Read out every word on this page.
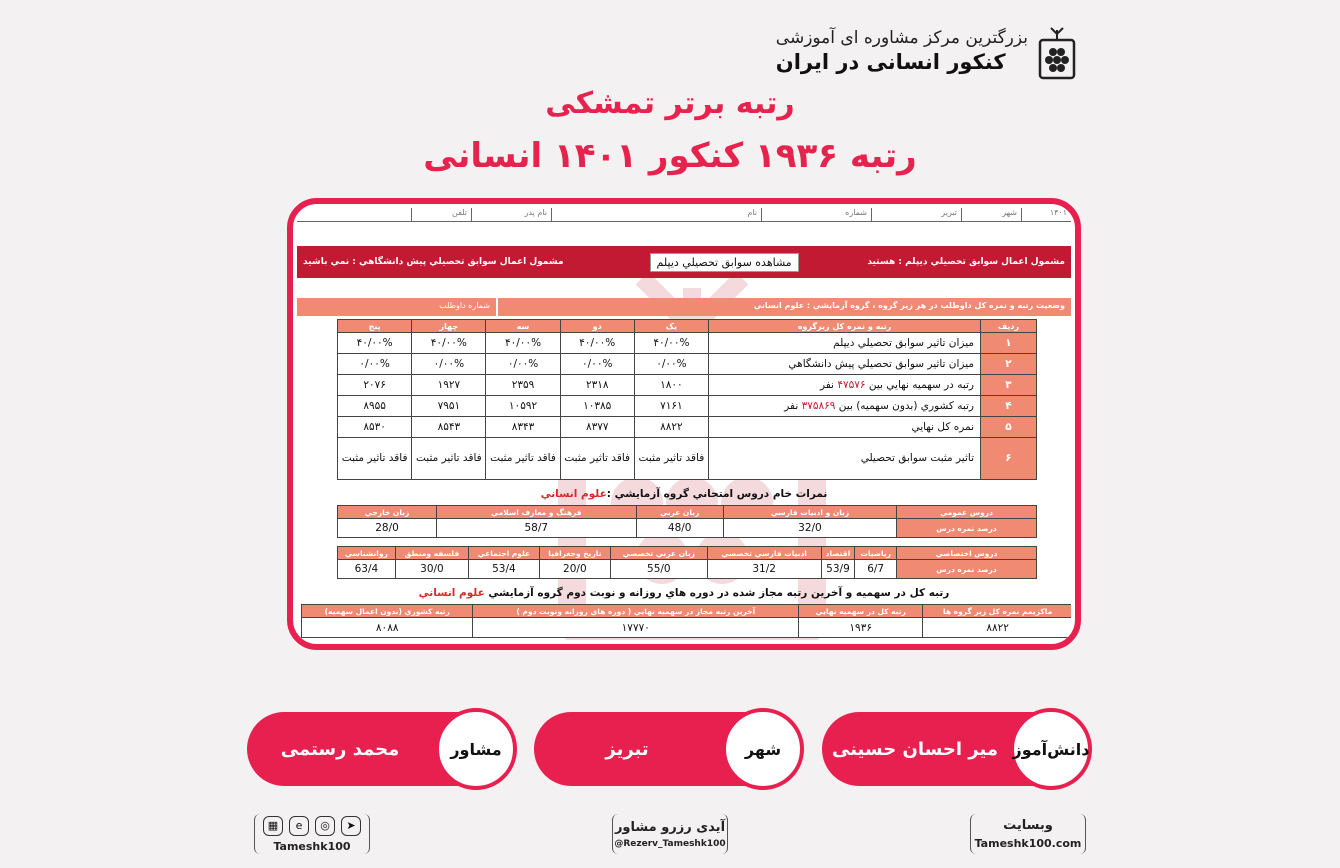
بزرگترین مرکز مشاوره ای آموزشی
کنکور انسانی در ایران
رتبه برتر تمشکی
رتبه ۱۹۳۶ کنکور ۱۴۰۱ انسانی
۱۴۰۱
شهر
تبریز
شماره
نام
نام پدر
تلفن
مشمول اعمال سوابق تحصيلي ديپلم : هستيد
مشاهده سوابق تحصيلي ديپلم
مشمول اعمال سوابق تحصيلي پيش دانشگاهي : نمي باشيد
وضعيت رتبه و نمره كل داوطلب در هر زير گروه ، گروه آزمايشي : علوم انساني
شماره داوطلب
رديف	رتبه و نمره كل زيرگروه	يک	دو	سه	چهار	پنج
۱	ميزان تاثير سوابق تحصيلي ديپلم	۴۰/۰۰%	۴۰/۰۰%	۴۰/۰۰%	۴۰/۰۰%	۴۰/۰۰%
۲	ميزان تاثير سوابق تحصيلي پيش دانشگاهي	۰/۰۰%	۰/۰۰%	۰/۰۰%	۰/۰۰%	۰/۰۰%
۳	رتبه در سهميه نهايي بين ۴۷۵۷۶ نفر	۱۸۰۰	۲۳۱۸	۲۳۵۹	۱۹۲۷	۲۰۷۶
۴	رتبه كشوري (بدون سهميه) بين ۳۷۵۸۶۹ نفر	۷۱۶۱	۱۰۳۸۵	۱۰۵۹۲	۷۹۵۱	۸۹۵۵
۵	نمره كل نهايي	۸۸۲۲	۸۳۷۷	۸۳۴۳	۸۵۴۳	۸۵۳۰
۶	تاثير مثبت سوابق تحصيلي	فاقد تاثير مثبت	فاقد تاثير مثبت	فاقد تاثير مثبت	فاقد تاثير مثبت	فاقد تاثير مثبت
نمرات خام دروس امتحاني گروه آزمايشي :علوم انساني
دروس عمومي	زبان و ادبيات فارسي	زبان عربي	فرهنگ و معارف اسلامي	زبان خارجي
درصد نمره درس	32/0	48/0	58/7	28/0
دروس اختصاصي	رياضيات	اقتصاد	ادبيات فارسي تخصصي	زبان عربي تخصصي	تاريخ وجغرافيا	علوم اجتماعي	فلسفه ومنطق	روانشناسي
درصد نمره درس	6/7	53/9	31/2	55/0	20/0	53/4	30/0	63/4
رتبه كل در سهميه و آخرين رتبه مجاز شده در دوره هاي روزانه و نوبت دوم گروه آزمايشي علوم انساني
ماكزيمم نمره كل زير گروه ها	رتبه كل در سهميه نهايي	آخرين رتبه مجاز در سهميه نهايي ( دوره هاي روزانه ونوبت دوم )	رتبه كشوري (بدون اعمال سهميه)
۸۸۲۲	۱۹۳۶	۱۷۷۷۰	۸۰۸۸
دانش‌آموز
میر احسان حسینی
شهر
تبریز
مشاور
محمد رستمی
وبسایت
Tameshk100.com
آیدی رزرو مشاور
@Rezerv_Tameshk100
▦	e	◎	➤
Tameshk100
